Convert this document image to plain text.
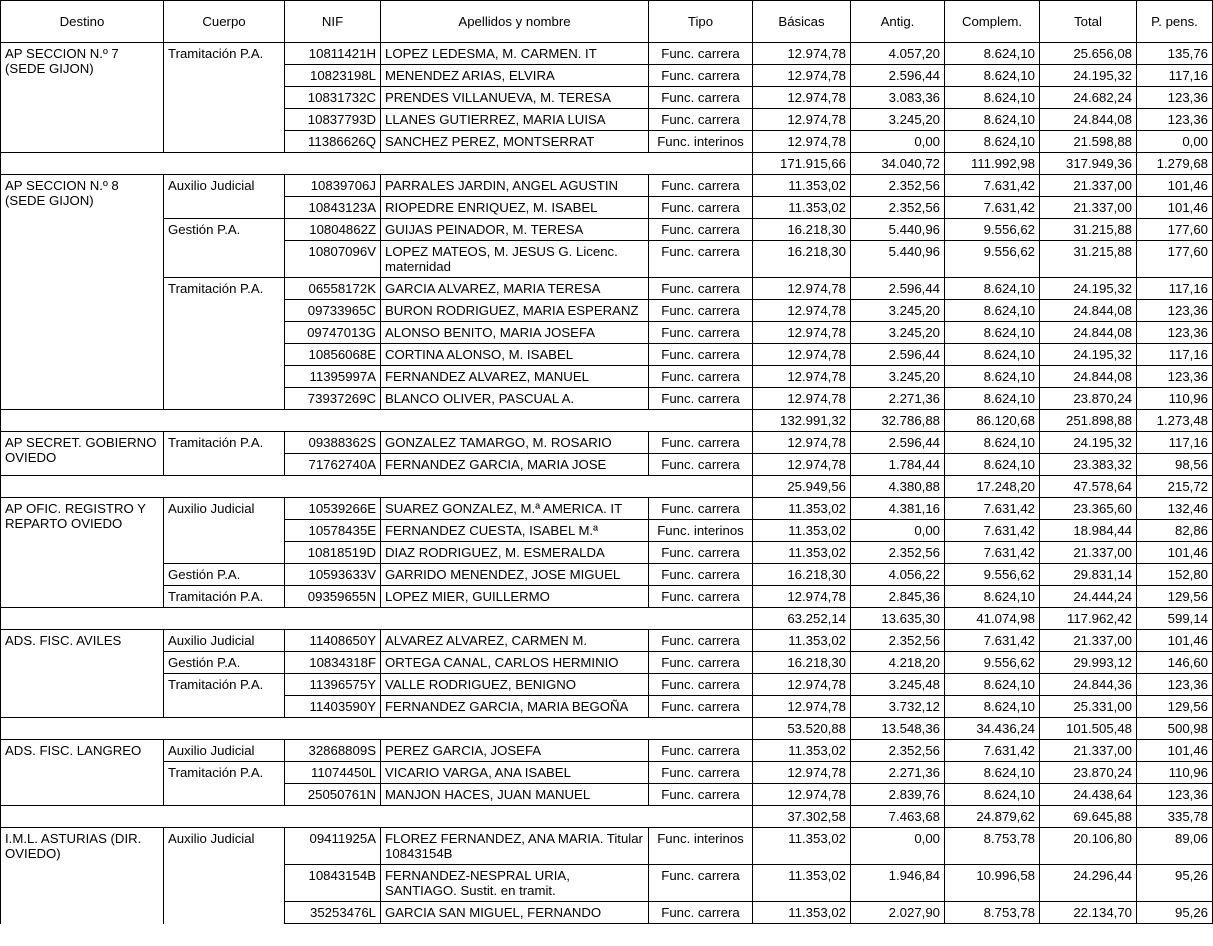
Destino	Cuerpo	NIF	Apellidos y nombre	Tipo	Básicas	Antig.	Complem.	Total	P. pens.
AP SECCION N.º 7 (SEDE GIJON)	Tramitación P.A.	10811421H	LOPEZ LEDESMA, M. CARMEN. IT	Func. carrera	12.974,78	4.057,20	8.624,10	25.656,08	135,76
		10823198L	MENENDEZ ARIAS, ELVIRA	Func. carrera	12.974,78	2.596,44	8.624,10	24.195,32	117,16
		10831732C	PRENDES VILLANUEVA, M. TERESA	Func. carrera	12.974,78	3.083,36	8.624,10	24.682,24	123,36
		10837793D	LLANES GUTIERREZ, MARIA LUISA	Func. carrera	12.974,78	3.245,20	8.624,10	24.844,08	123,36
		11386626Q	SANCHEZ PEREZ, MONTSERRAT	Func. interinos	12.974,78	0,00	8.624,10	21.598,88	0,00
					171.915,66	34.040,72	111.992,98	317.949,36	1.279,68
AP SECCION N.º 8 (SEDE GIJON)	Auxilio Judicial	10839706J	PARRALES JARDIN, ANGEL AGUSTIN	Func. carrera	11.353,02	2.352,56	7.631,42	21.337,00	101,46
		10843123A	RIOPEDRE ENRIQUEZ, M. ISABEL	Func. carrera	11.353,02	2.352,56	7.631,42	21.337,00	101,46
	Gestión P.A.	10804862Z	GUIJAS PEINADOR, M. TERESA	Func. carrera	16.218,30	5.440,96	9.556,62	31.215,88	177,60
		10807096V	LOPEZ MATEOS, M. JESUS G. Licenc. maternidad	Func. carrera	16.218,30	5.440,96	9.556,62	31.215,88	177,60
	Tramitación P.A.	06558172K	GARCIA ALVAREZ, MARIA TERESA	Func. carrera	12.974,78	2.596,44	8.624,10	24.195,32	117,16
		09733965C	BURON RODRIGUEZ, MARIA ESPERANZ	Func. carrera	12.974,78	3.245,20	8.624,10	24.844,08	123,36
		09747013G	ALONSO BENITO, MARIA JOSEFA	Func. carrera	12.974,78	3.245,20	8.624,10	24.844,08	123,36
		10856068E	CORTINA ALONSO, M. ISABEL	Func. carrera	12.974,78	2.596,44	8.624,10	24.195,32	117,16
		11395997A	FERNANDEZ ALVAREZ, MANUEL	Func. carrera	12.974,78	3.245,20	8.624,10	24.844,08	123,36
		73937269C	BLANCO OLIVER, PASCUAL A.	Func. carrera	12.974,78	2.271,36	8.624,10	23.870,24	110,96
					132.991,32	32.786,88	86.120,68	251.898,88	1.273,48
AP SECRET. GOBIERNO OVIEDO	Tramitación P.A.	09388362S	GONZALEZ TAMARGO, M. ROSARIO	Func. carrera	12.974,78	2.596,44	8.624,10	24.195,32	117,16
		71762740A	FERNANDEZ GARCIA, MARIA JOSE	Func. carrera	12.974,78	1.784,44	8.624,10	23.383,32	98,56
					25.949,56	4.380,88	17.248,20	47.578,64	215,72
AP OFIC. REGISTRO Y REPARTO OVIEDO	Auxilio Judicial	10539266E	SUAREZ GONZALEZ, M.ª AMERICA. IT	Func. carrera	11.353,02	4.381,16	7.631,42	23.365,60	132,46
		10578435E	FERNANDEZ CUESTA, ISABEL M.ª	Func. interinos	11.353,02	0,00	7.631,42	18.984,44	82,86
		10818519D	DIAZ RODRIGUEZ, M. ESMERALDA	Func. carrera	11.353,02	2.352,56	7.631,42	21.337,00	101,46
	Gestión P.A.	10593633V	GARRIDO MENENDEZ, JOSE MIGUEL	Func. carrera	16.218,30	4.056,22	9.556,62	29.831,14	152,80
	Tramitación P.A.	09359655N	LOPEZ MIER, GUILLERMO	Func. carrera	12.974,78	2.845,36	8.624,10	24.444,24	129,56
					63.252,14	13.635,30	41.074,98	117.962,42	599,14
ADS. FISC. AVILES	Auxilio Judicial	11408650Y	ALVAREZ ALVAREZ, CARMEN M.	Func. carrera	11.353,02	2.352,56	7.631,42	21.337,00	101,46
	Gestión P.A.	10834318F	ORTEGA CANAL, CARLOS HERMINIO	Func. carrera	16.218,30	4.218,20	9.556,62	29.993,12	146,60
	Tramitación P.A.	11396575Y	VALLE RODRIGUEZ, BENIGNO	Func. carrera	12.974,78	3.245,48	8.624,10	24.844,36	123,36
		11403590Y	FERNANDEZ GARCIA, MARIA BEGOÑA	Func. carrera	12.974,78	3.732,12	8.624,10	25.331,00	129,56
					53.520,88	13.548,36	34.436,24	101.505,48	500,98
ADS. FISC. LANGREO	Auxilio Judicial	32868809S	PEREZ GARCIA, JOSEFA	Func. carrera	11.353,02	2.352,56	7.631,42	21.337,00	101,46
	Tramitación P.A.	11074450L	VICARIO VARGA, ANA ISABEL	Func. carrera	12.974,78	2.271,36	8.624,10	23.870,24	110,96
		25050761N	MANJON HACES, JUAN MANUEL	Func. carrera	12.974,78	2.839,76	8.624,10	24.438,64	123,36
					37.302,58	7.463,68	24.879,62	69.645,88	335,78
I.M.L. ASTURIAS (DIR. OVIEDO)	Auxilio Judicial	09411925A	FLOREZ FERNANDEZ, ANA MARIA. Titular 10843154B	Func. interinos	11.353,02	0,00	8.753,78	20.106,80	89,06
		10843154B	FERNANDEZ-NESPRAL URIA, SANTIAGO. Sustit. en tramit.	Func. carrera	11.353,02	1.946,84	10.996,58	24.296,44	95,26
		35253476L	GARCIA SAN MIGUEL, FERNANDO	Func. carrera	11.353,02	2.027,90	8.753,78	22.134,70	95,26
